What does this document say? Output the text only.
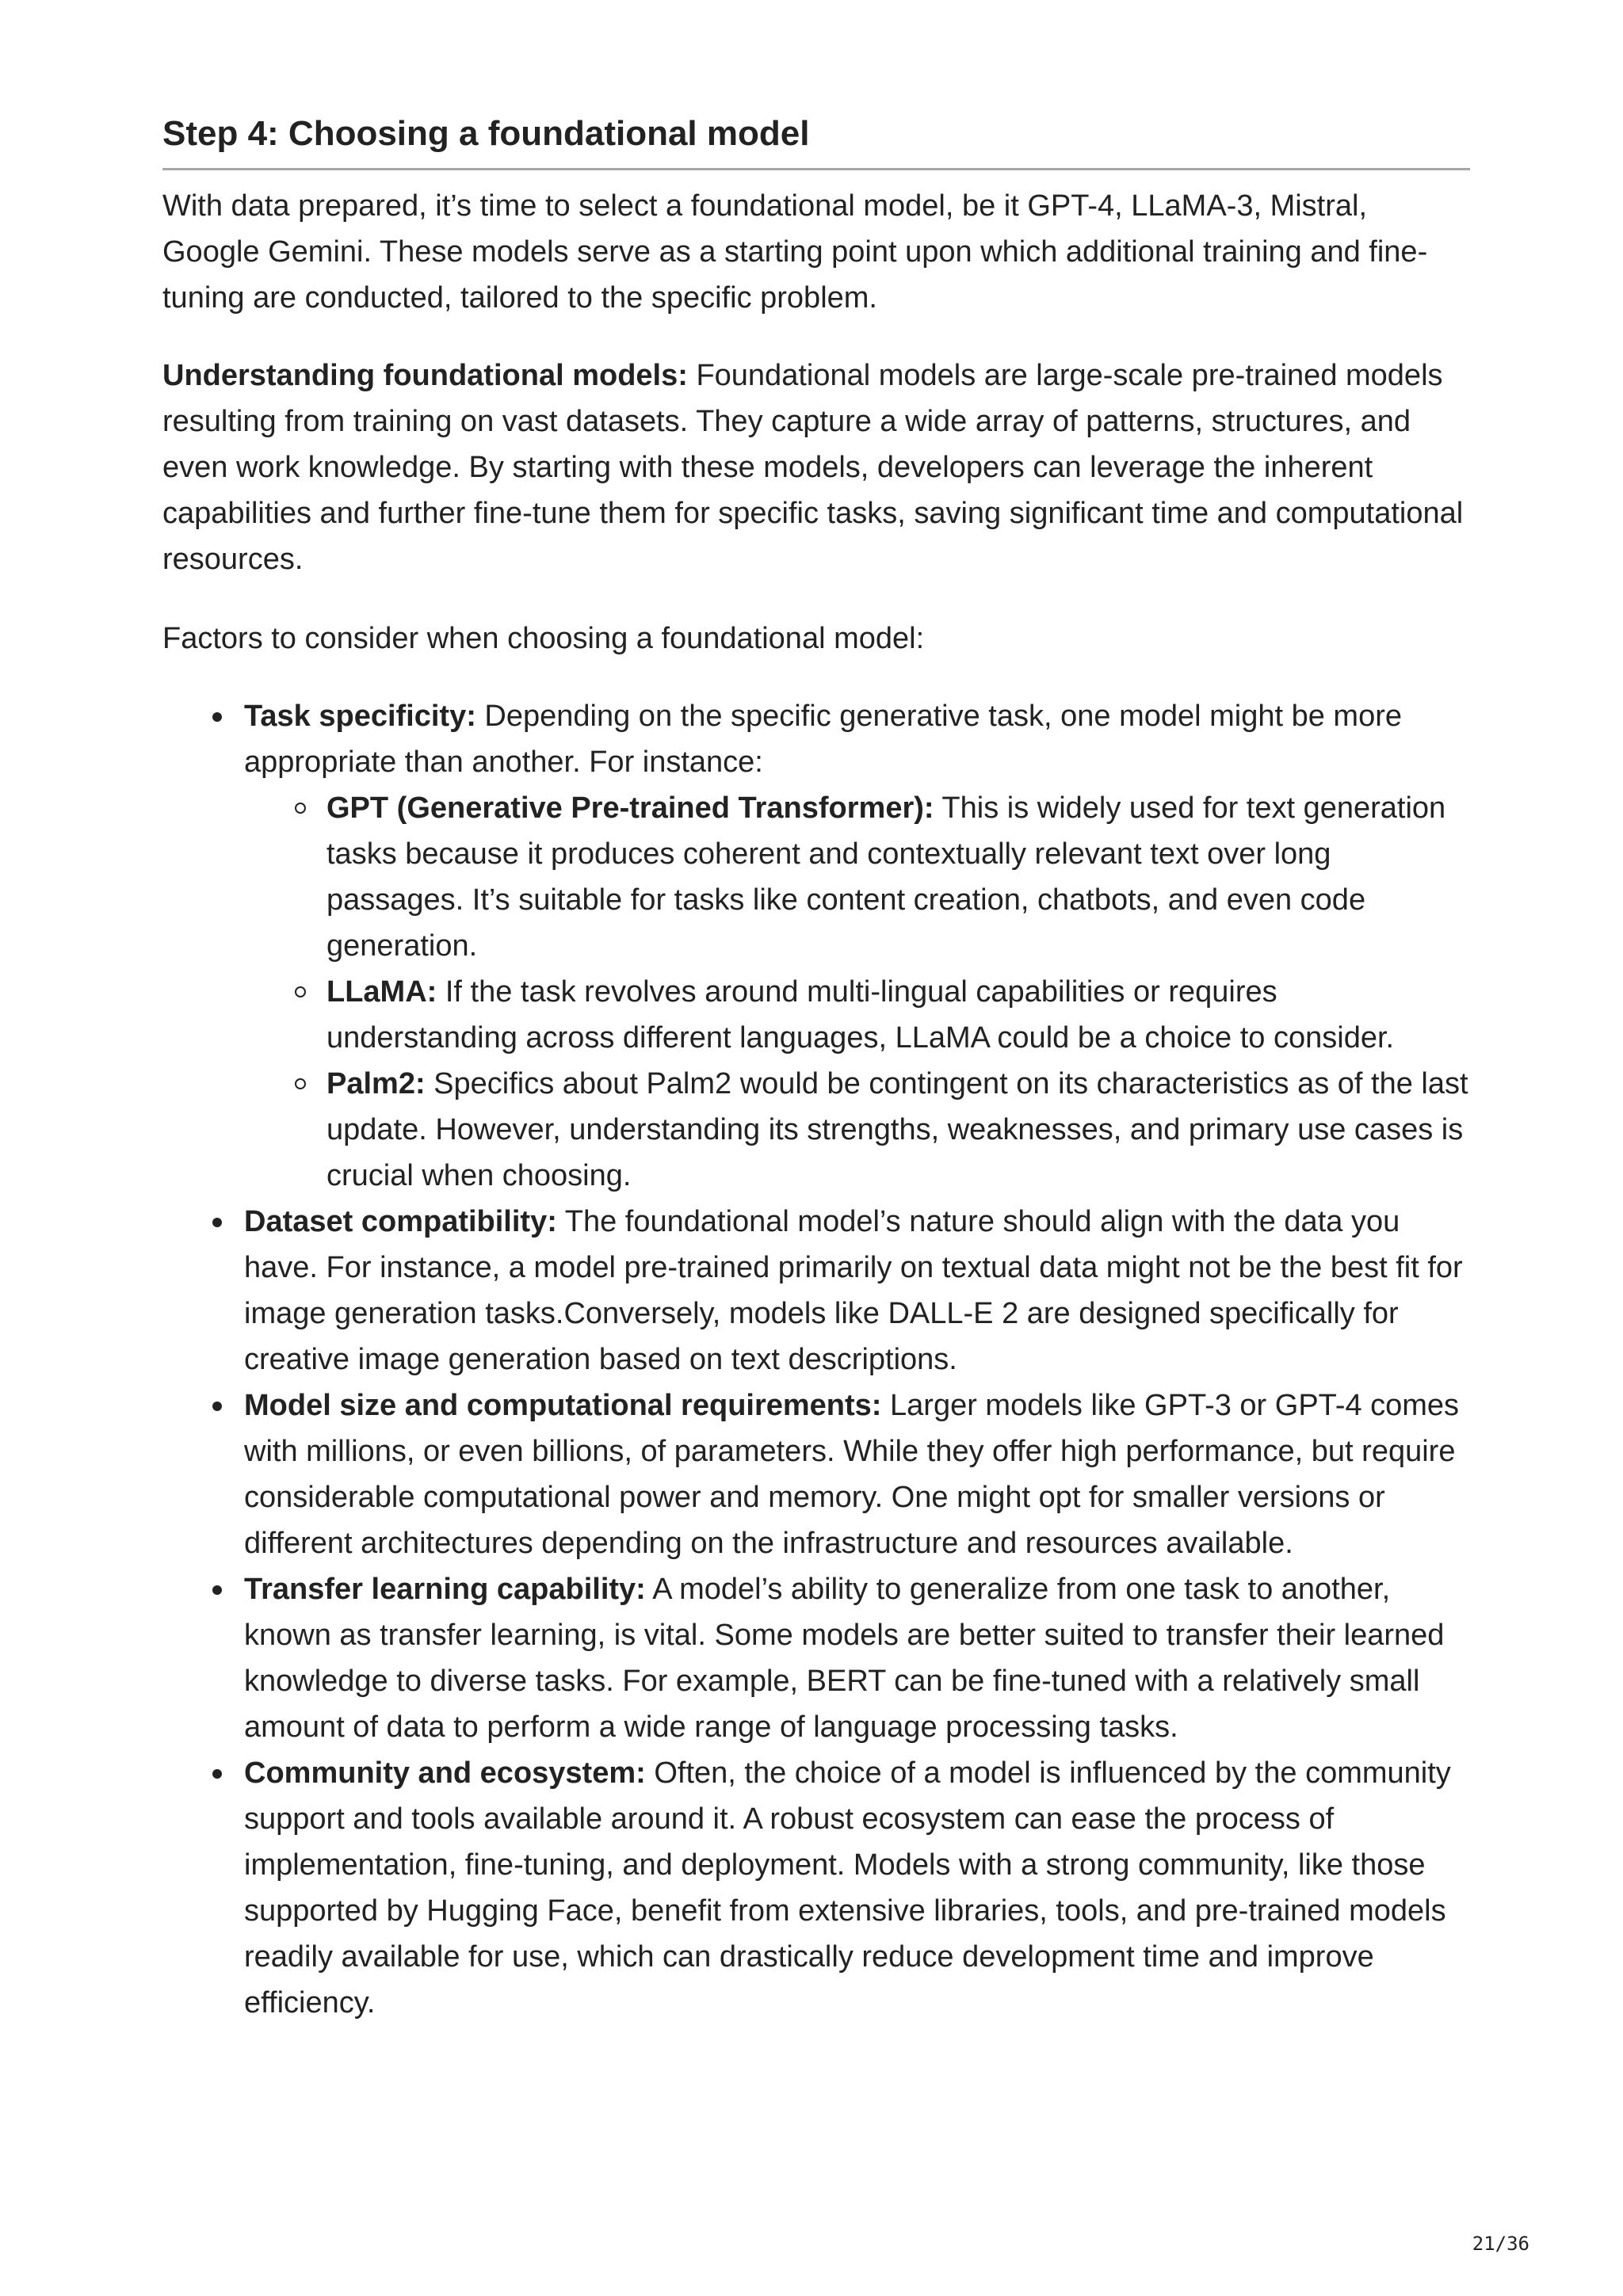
Step 4: Choosing a foundational model

With data prepared, it’s time to select a foundational model, be it GPT-4, LLaMA-3, Mistral, Google Gemini. These models serve as a starting point upon which additional training and fine-tuning are conducted, tailored to the specific problem.

Understanding foundational models: Foundational models are large-scale pre-trained models resulting from training on vast datasets. They capture a wide array of patterns, structures, and even work knowledge. By starting with these models, developers can leverage the inherent capabilities and further fine-tune them for specific tasks, saving significant time and computational resources.

Factors to consider when choosing a foundational model:

Task specificity: Depending on the specific generative task, one model might be more appropriate than another. For instance:
GPT (Generative Pre-trained Transformer): This is widely used for text generation tasks because it produces coherent and contextually relevant text over long passages. It’s suitable for tasks like content creation, chatbots, and even code generation.
LLaMA: If the task revolves around multi-lingual capabilities or requires understanding across different languages, LLaMA could be a choice to consider.
Palm2: Specifics about Palm2 would be contingent on its characteristics as of the last update. However, understanding its strengths, weaknesses, and primary use cases is crucial when choosing.
Dataset compatibility: The foundational model’s nature should align with the data you have. For instance, a model pre-trained primarily on textual data might not be the best fit for image generation tasks.Conversely, models like DALL-E 2 are designed specifically for creative image generation based on text descriptions.
Model size and computational requirements: Larger models like GPT-3 or GPT-4 comes with millions, or even billions, of parameters. While they offer high performance, but require considerable computational power and memory. One might opt for smaller versions or different architectures depending on the infrastructure and resources available.
Transfer learning capability: A model’s ability to generalize from one task to another, known as transfer learning, is vital. Some models are better suited to transfer their learned knowledge to diverse tasks. For example, BERT can be fine-tuned with a relatively small amount of data to perform a wide range of language processing tasks.
Community and ecosystem: Often, the choice of a model is influenced by the community support and tools available around it. A robust ecosystem can ease the process of implementation, fine-tuning, and deployment. Models with a strong community, like those supported by Hugging Face, benefit from extensive libraries, tools, and pre-trained models readily available for use, which can drastically reduce development time and improve efficiency.
21/36
